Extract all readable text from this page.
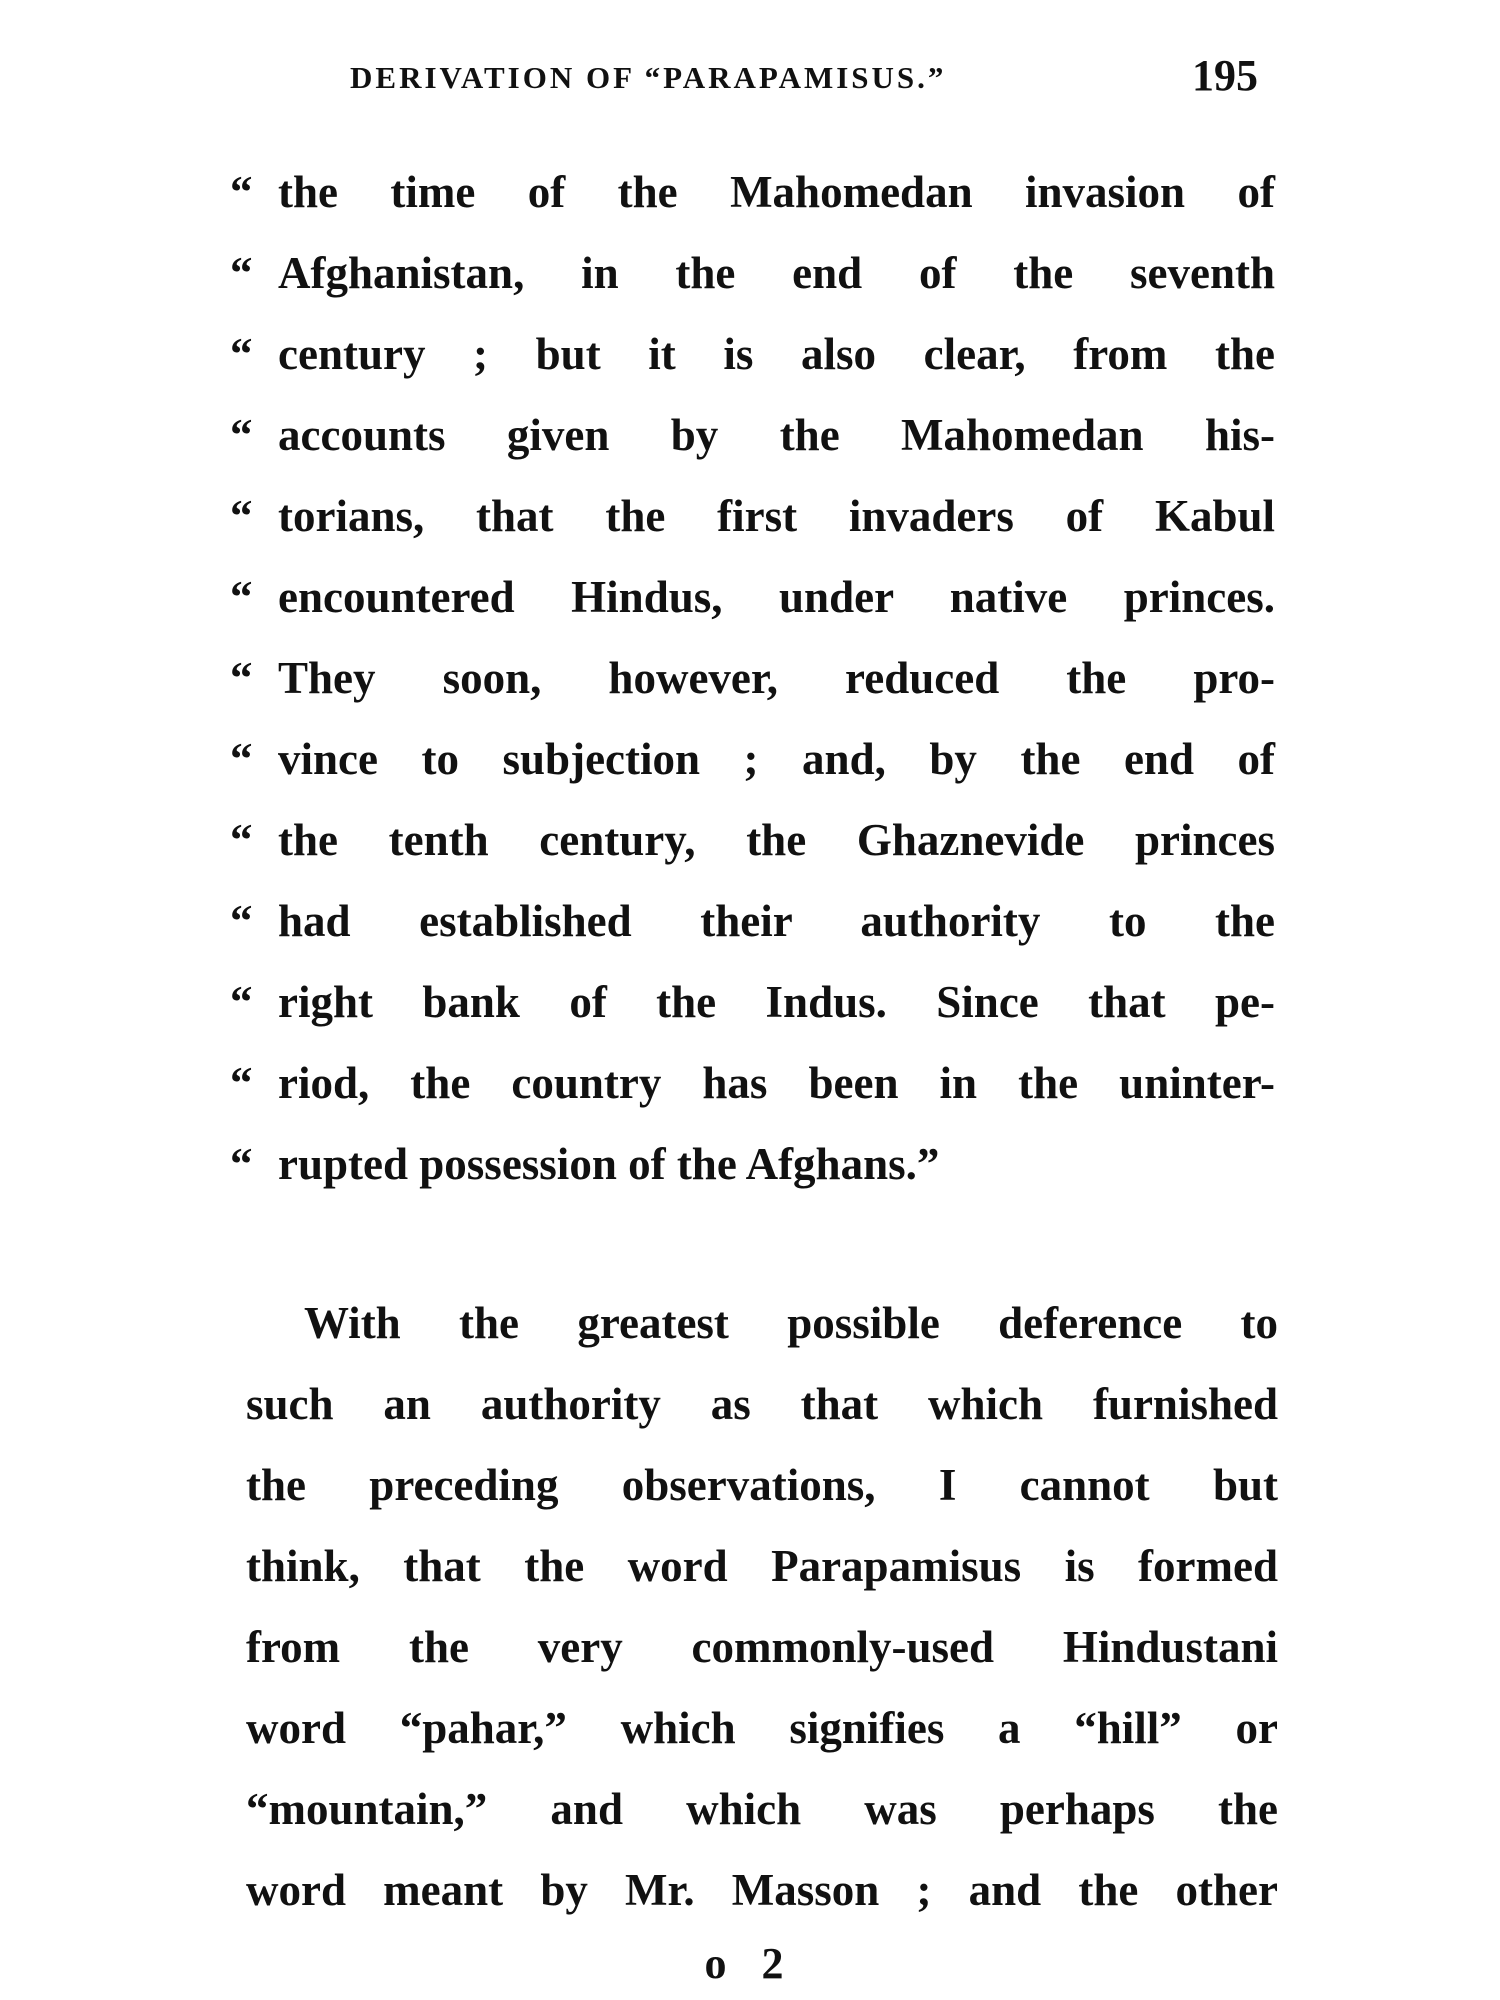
DERIVATION OF “PARAPAMISUS.”	195
“ the time of the Mahomedan invasion of
“ Afghanistan, in the end of the seventh
“ century ; but it is also clear, from the
“ accounts given by the Mahomedan his-
“ torians, that the first invaders of Kabul
“ encountered Hindus, under native princes.
“ They soon, however, reduced the pro-
“ vince to subjection ; and, by the end of
“ the tenth century, the Ghaznevide princes
“ had established their authority to the
“ right bank of the Indus. Since that pe-
“ riod, the country has been in the uninter-
“ rupted possession of the Afghans.”
With the greatest possible deference to
such an authority as that which furnished
the preceding observations, I cannot but
think, that the word Parapamisus is formed
from the very commonly-used Hindustani
word “pahar,” which signifies a “hill” or
“mountain,” and which was perhaps the
word meant by Mr. Masson ; and the other
o 2
